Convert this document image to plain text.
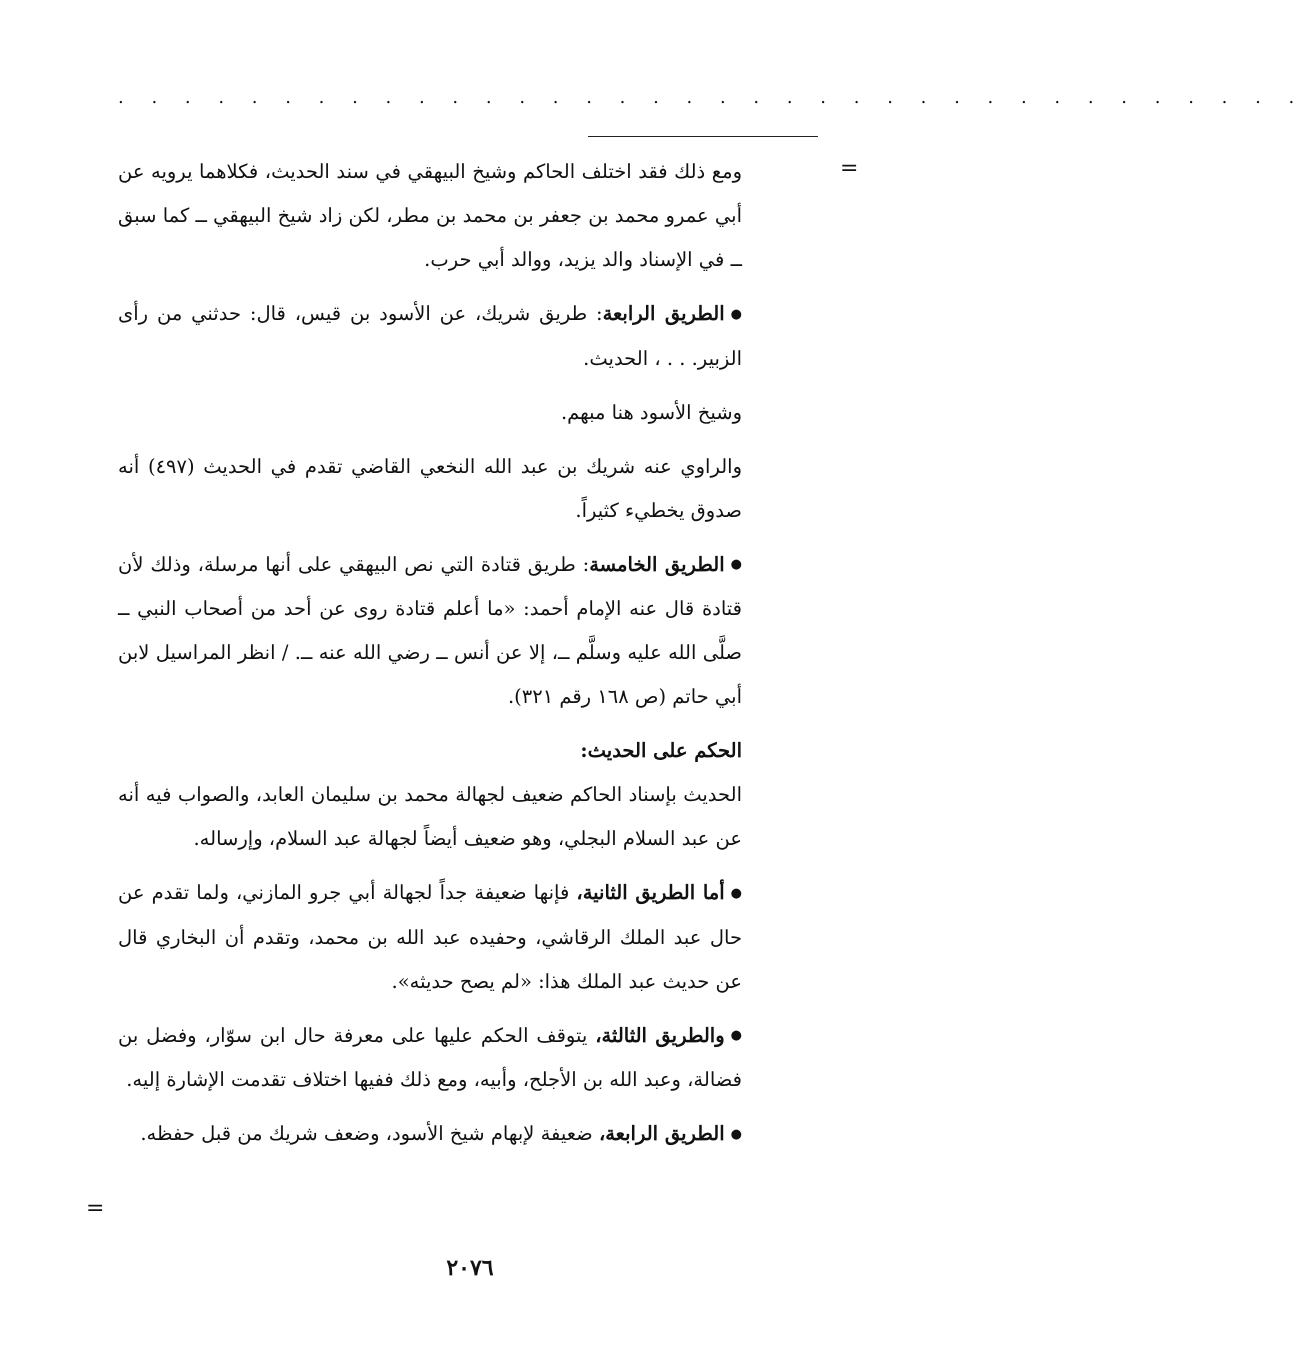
. . . . . . . . . . . . . . . . . . . . . . . . . . . . . . . . . . . .
=

ومع ذلك فقد اختلف الحاكم وشيخ البيهقي في سند الحديث، فكلاهما يرويه عن أبي عمرو محمد بن جعفر بن محمد بن مطر، لكن زاد شيخ البيهقي ــ كما سبق ــ في الإسناد والد يزيد، ووالد أبي حرب.

●الطريق الرابعة: طريق شريك، عن الأسود بن قيس، قال: حدثني من رأى الزبير. . . ، الحديث.

وشيخ الأسود هنا مبهم.

والراوي عنه شريك بن عبد الله النخعي القاضي تقدم في الحديث (٤٩٧) أنه صدوق يخطيء كثيراً.

●الطريق الخامسة: طريق قتادة التي نص البيهقي على أنها مرسلة، وذلك لأن قتادة قال عنه الإمام أحمد: «ما أعلم قتادة روى عن أحد من أصحاب النبي ــ صلَّى الله عليه وسلَّم ــ، إلا عن أنس ــ رضي الله عنه ــ. / انظر المراسيل لابن أبي حاتم (ص ١٦٨ رقم ٣٢١).

الحكم على الحديث:

الحديث بإسناد الحاكم ضعيف لجهالة محمد بن سليمان العابد، والصواب فيه أنه عن عبد السلام البجلي، وهو ضعيف أيضاً لجهالة عبد السلام، وإرساله.

●أما الطريق الثانية، فإنها ضعيفة جداً لجهالة أبي جرو المازني، ولما تقدم عن حال عبد الملك الرقاشي، وحفيده عبد الله بن محمد، وتقدم أن البخاري قال عن حديث عبد الملك هذا: «لم يصح حديثه».

●والطريق الثالثة، يتوقف الحكم عليها على معرفة حال ابن سوّار، وفضل بن فضالة، وعبد الله بن الأجلح، وأبيه، ومع ذلك ففيها اختلاف تقدمت الإشارة إليه.

●الطريق الرابعة، ضعيفة لإبهام شيخ الأسود، وضعف شريك من قبل حفظه.

=
٢٠٧٦
